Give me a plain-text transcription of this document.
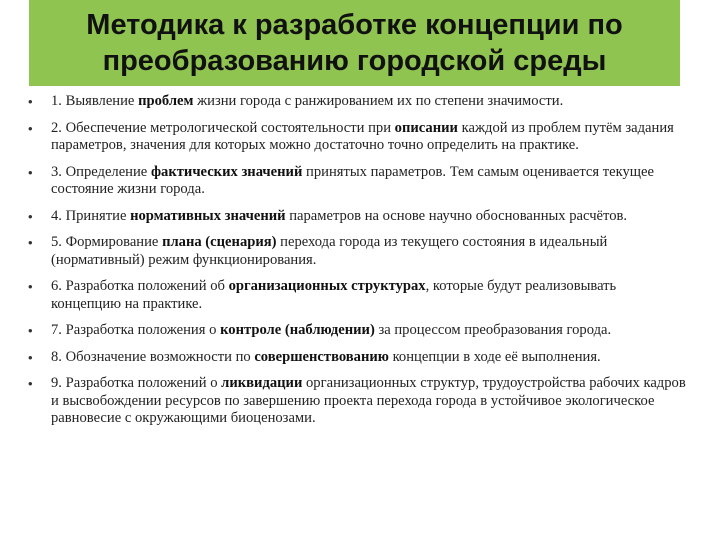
Методика к разработке концепции по преобразованию городской среды
•	1. Выявление проблем жизни города с ранжированием их по степени значимости.
•	2. Обеспечение метрологической состоятельности при описании каждой из проблем путём задания параметров, значения для которых можно достаточно точно определить на практике.
•	3. Определение фактических значений принятых параметров. Тем самым оценивается текущее состояние жизни города.
•	4. Принятие нормативных значений параметров на основе научно обоснованных расчётов.
•	5. Формирование плана (сценария) перехода города из текущего состояния в идеальный (нормативный) режим функционирования.
•	6. Разработка положений об организационных структурах, которые будут реализовывать концепцию на практике.
•	7. Разработка положения о контроле (наблюдении) за процессом преобразования города.
•	8. Обозначение возможности по совершенствованию концепции в ходе её выполнения.
•	9. Разработка положений о ликвидации организационных структур, трудоустройства рабочих кадров и высвобождении ресурсов по завершению проекта перехода города в устойчивое экологическое равновесие с окружающими биоценозами.
